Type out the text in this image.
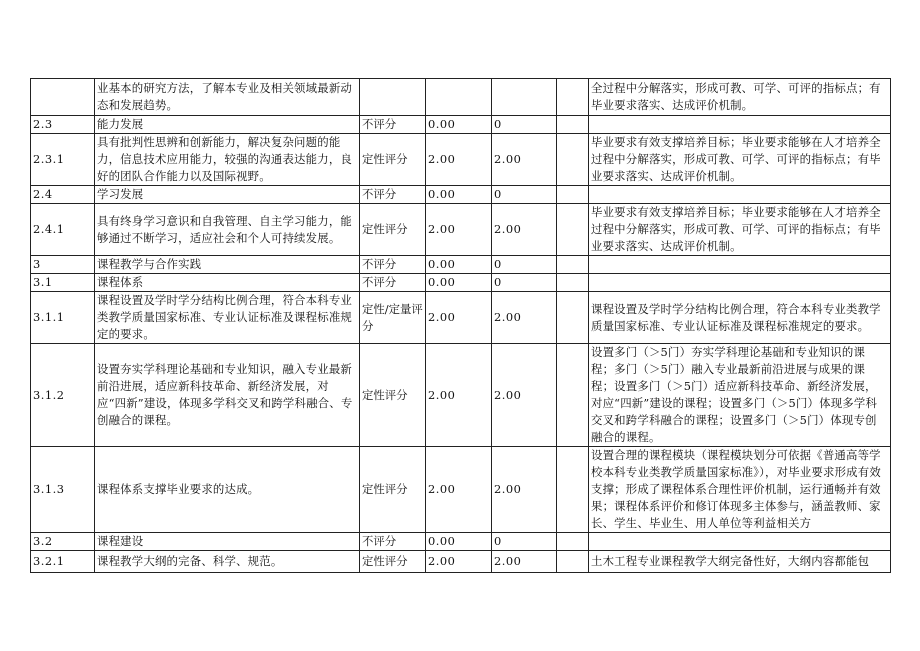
	业基本的研究方法，了解本专业及相关领域最新动态和发展趋势。					全过程中分解落实，形成可教、可学、可评的指标点；有毕业要求落实、达成评价机制。
2.3	能力发展	不评分	0.00	0		
2.3.1	具有批判性思辨和创新能力，解决复杂问题的能力，信息技术应用能力，较强的沟通表达能力，良好的团队合作能力以及国际视野。	定性评分	2.00	2.00		毕业要求有效支撑培养目标；毕业要求能够在人才培养全过程中分解落实，形成可教、可学、可评的指标点；有毕业要求落实、达成评价机制。
2.4	学习发展	不评分	0.00	0		
2.4.1	具有终身学习意识和自我管理、自主学习能力，能够通过不断学习，适应社会和个人可持续发展。	定性评分	2.00	2.00		毕业要求有效支撑培养目标；毕业要求能够在人才培养全过程中分解落实，形成可教、可学、可评的指标点；有毕业要求落实、达成评价机制。
3	课程教学与合作实践	不评分	0.00	0		
3.1	课程体系	不评分	0.00	0		
3.1.1	课程设置及学时学分结构比例合理，符合本科专业类教学质量国家标准、专业认证标准及课程标准规定的要求。	定性/定量评分	2.00	2.00		课程设置及学时学分结构比例合理，符合本科专业类教学质量国家标准、专业认证标准及课程标准规定的要求。
3.1.2	设置夯实学科理论基础和专业知识，融入专业最新前沿进展，适应新科技革命、新经济发展，对应“四新”建设，体现多学科交叉和跨学科融合、专创融合的课程。	定性评分	2.00	2.00		设置多门（＞5门）夯实学科理论基础和专业知识的课程；多门（＞5门）融入专业最新前沿进展与成果的课程；设置多门（＞5门）适应新科技革命、新经济发展，对应“四新”建设的课程；设置多门（＞5门）体现多学科交叉和跨学科融合的课程；设置多门（＞5门）体现专创融合的课程。
3.1.3	课程体系支撑毕业要求的达成。	定性评分	2.00	2.00		设置合理的课程模块（课程模块划分可依据《普通高等学校本科专业类教学质量国家标准》），对毕业要求形成有效支撑；形成了课程体系合理性评价机制，运行通畅并有效果；课程体系评价和修订体现多主体参与，涵盖教师、家长、学生、毕业生、用人单位等利益相关方
3.2	课程建设	不评分	0.00	0		
3.2.1	课程教学大纲的完备、科学、规范。	定性评分	2.00	2.00		土木工程专业课程教学大纲完备性好，大纲内容都能包
